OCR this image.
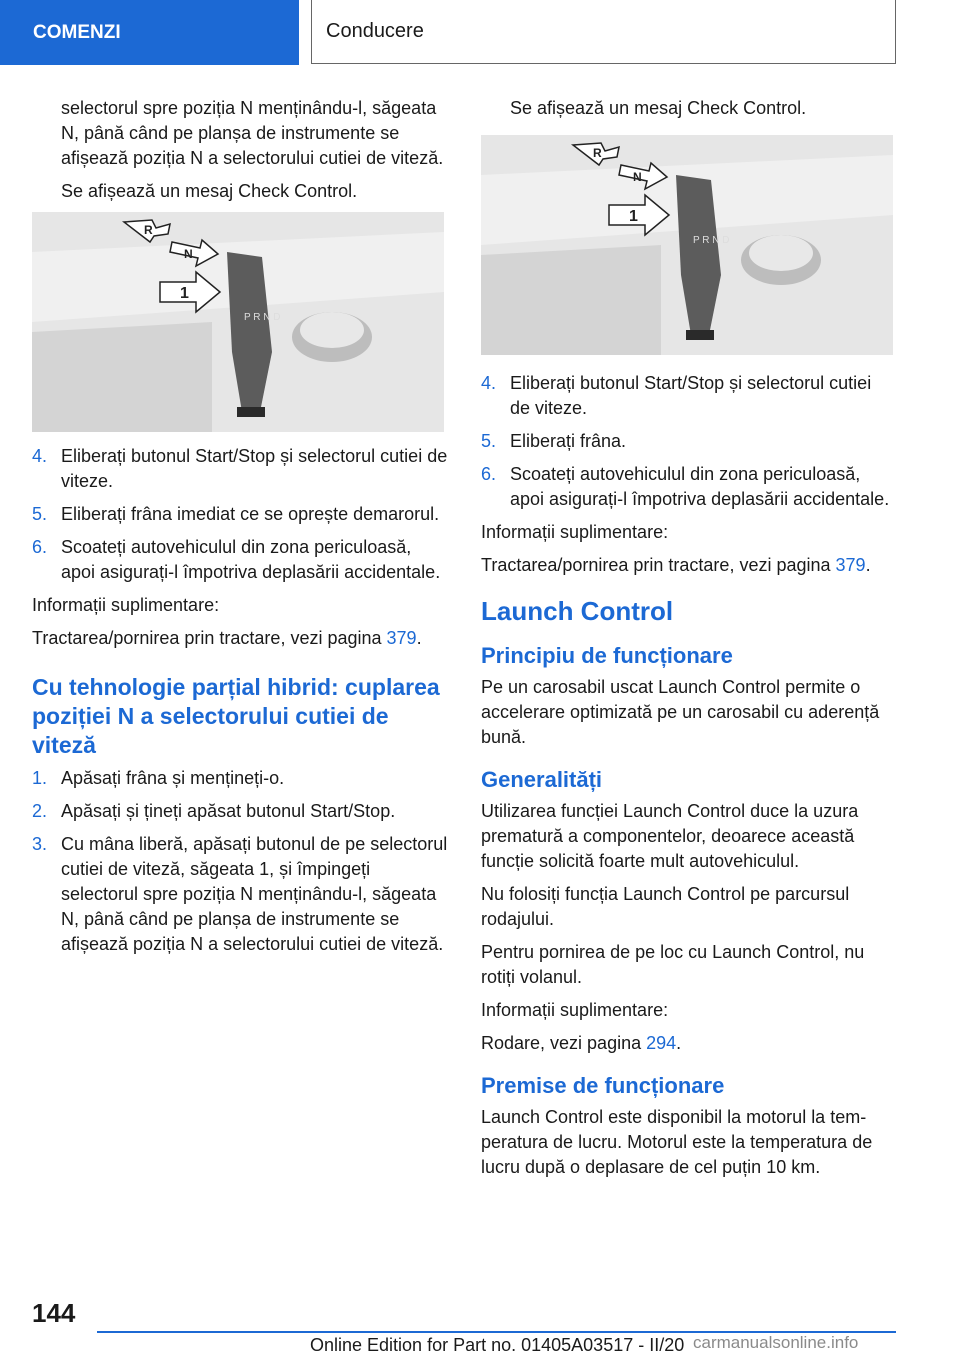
COMENZI	Conducere

selectorul spre poziția N menținându-l, săgeata N, până când pe planșa de instrumente se afișează poziția N a selectorului cutiei de viteză.

Se afișează un mesaj Check Control.

P R N D
R
N
1
4. Eliberați butonul Start/Stop și selectorul cutiei de viteze.
5. Eliberați frâna imediat ce se oprește demarorul.
6. Scoateți autovehiculul din zona periculoasă, apoi asigurați-l împotriva deplasării accidentale.

Informații suplimentare:

Tractarea/pornirea prin tractare, vezi pagina 379.

Cu tehnologie parțial hibrid: cuplarea poziției N a selectorului cutiei de viteză
1. Apăsați frâna și mențineți-o.
2. Apăsați și țineți apăsat butonul Start/Stop.
3. Cu mâna liberă, apăsați butonul de pe selectorul cutiei de viteză, săgeata 1, și împingeți selectorul spre poziția N menținându-l, săgeata N, până când pe planșa de instrumente se afișează poziția N a selectorului cutiei de viteză.

Se afișează un mesaj Check Control.

P R N D
R
N
1
4. Eliberați butonul Start/Stop și selectorul cutiei de viteze.
5. Eliberați frâna.
6. Scoateți autovehiculul din zona periculoasă, apoi asigurați-l împotriva deplasării accidentale.

Informații suplimentare:

Tractarea/pornirea prin tractare, vezi pagina 379.

Launch Control
Principiu de funcționare

Pe un carosabil uscat Launch Control permite o accelerare optimizată pe un carosabil cu aderență bună.

Generalități

Utilizarea funcției Launch Control duce la uzura prematură a componentelor, deoarece această funcție solicită foarte mult autovehiculul.

Nu folosiți funcția Launch Control pe parcursul rodajului.

Pentru pornirea de pe loc cu Launch Control, nu rotiți volanul.

Informații suplimentare:

Rodare, vezi pagina 294.

Premise de funcționare

Launch Control este disponibil la motorul la temperatura de lucru. Motorul este la temperatura de lucru după o deplasare de cel puțin 10 km.

144
Online Edition for Part no. 01405A03517 - II/20 carmanualsonline.info
